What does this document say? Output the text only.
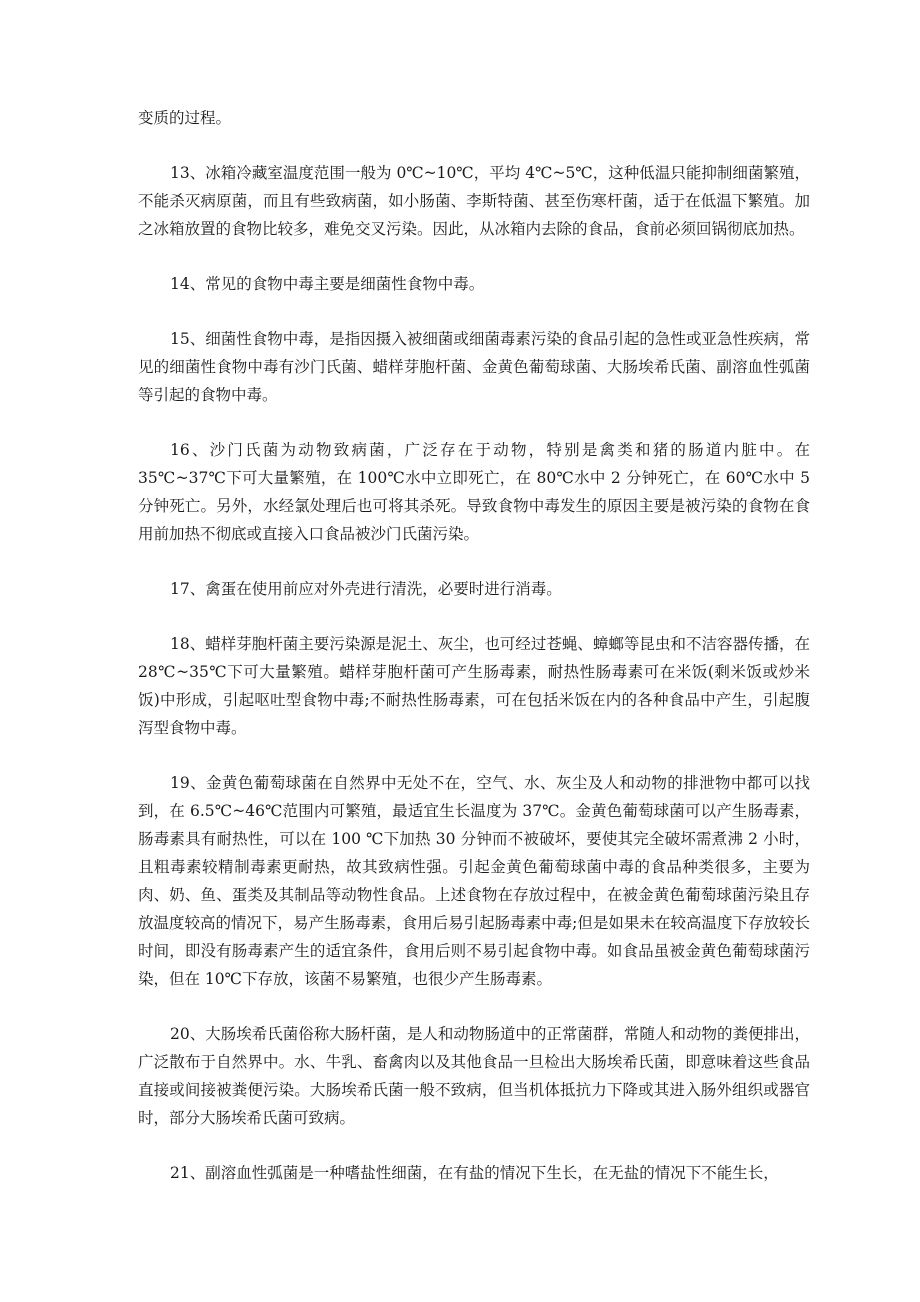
变质的过程。

13、冰箱冷藏室温度范围一般为 0℃~10℃，平均 4℃~5℃，这种低温只能抑制细菌繁殖，不能杀灭病原菌，而且有些致病菌，如小肠菌、李斯特菌、甚至伤寒杆菌，适于在低温下繁殖。加之冰箱放置的食物比较多，难免交叉污染。因此，从冰箱内去除的食品，食前必须回锅彻底加热。

14、常见的食物中毒主要是细菌性食物中毒。

15、细菌性食物中毒，是指因摄入被细菌或细菌毒素污染的食品引起的急性或亚急性疾病，常见的细菌性食物中毒有沙门氏菌、蜡样芽胞杆菌、金黄色葡萄球菌、大肠埃希氏菌、副溶血性弧菌等引起的食物中毒。

16、沙门氏菌为动物致病菌，广泛存在于动物，特别是禽类和猪的肠道内脏中。在 35℃~37℃下可大量繁殖，在 100℃水中立即死亡，在 80℃水中 2 分钟死亡，在 60℃水中 5 分钟死亡。另外，水经氯处理后也可将其杀死。导致食物中毒发生的原因主要是被污染的食物在食用前加热不彻底或直接入口食品被沙门氏菌污染。

17、禽蛋在使用前应对外壳进行清洗，必要时进行消毒。

18、蜡样芽胞杆菌主要污染源是泥土、灰尘，也可经过苍蝇、蟑螂等昆虫和不洁容器传播，在 28℃~35℃下可大量繁殖。蜡样芽胞杆菌可产生肠毒素，耐热性肠毒素可在米饭(剩米饭或炒米饭)中形成，引起呕吐型食物中毒;不耐热性肠毒素，可在包括米饭在内的各种食品中产生，引起腹泻型食物中毒。

19、金黄色葡萄球菌在自然界中无处不在，空气、水、灰尘及人和动物的排泄物中都可以找到，在 6.5℃~46℃范围内可繁殖，最适宜生长温度为 37℃。金黄色葡萄球菌可以产生肠毒素，肠毒素具有耐热性，可以在 100 ℃下加热 30 分钟而不被破坏，要使其完全破坏需煮沸 2 小时，且粗毒素较精制毒素更耐热，故其致病性强。引起金黄色葡萄球菌中毒的食品种类很多，主要为肉、奶、鱼、蛋类及其制品等动物性食品。上述食物在存放过程中，在被金黄色葡萄球菌污染且存放温度较高的情况下，易产生肠毒素，食用后易引起肠毒素中毒;但是如果未在较高温度下存放较长时间，即没有肠毒素产生的适宜条件，食用后则不易引起食物中毒。如食品虽被金黄色葡萄球菌污染，但在 10℃下存放，该菌不易繁殖，也很少产生肠毒素。

20、大肠埃希氏菌俗称大肠杆菌，是人和动物肠道中的正常菌群，常随人和动物的粪便排出，广泛散布于自然界中。水、牛乳、畜禽肉以及其他食品一旦检出大肠埃希氏菌，即意味着这些食品直接或间接被粪便污染。大肠埃希氏菌一般不致病，但当机体抵抗力下降或其进入肠外组织或器官时，部分大肠埃希氏菌可致病。

21、副溶血性弧菌是一种嗜盐性细菌，在有盐的情况下生长，在无盐的情况下不能生长，
